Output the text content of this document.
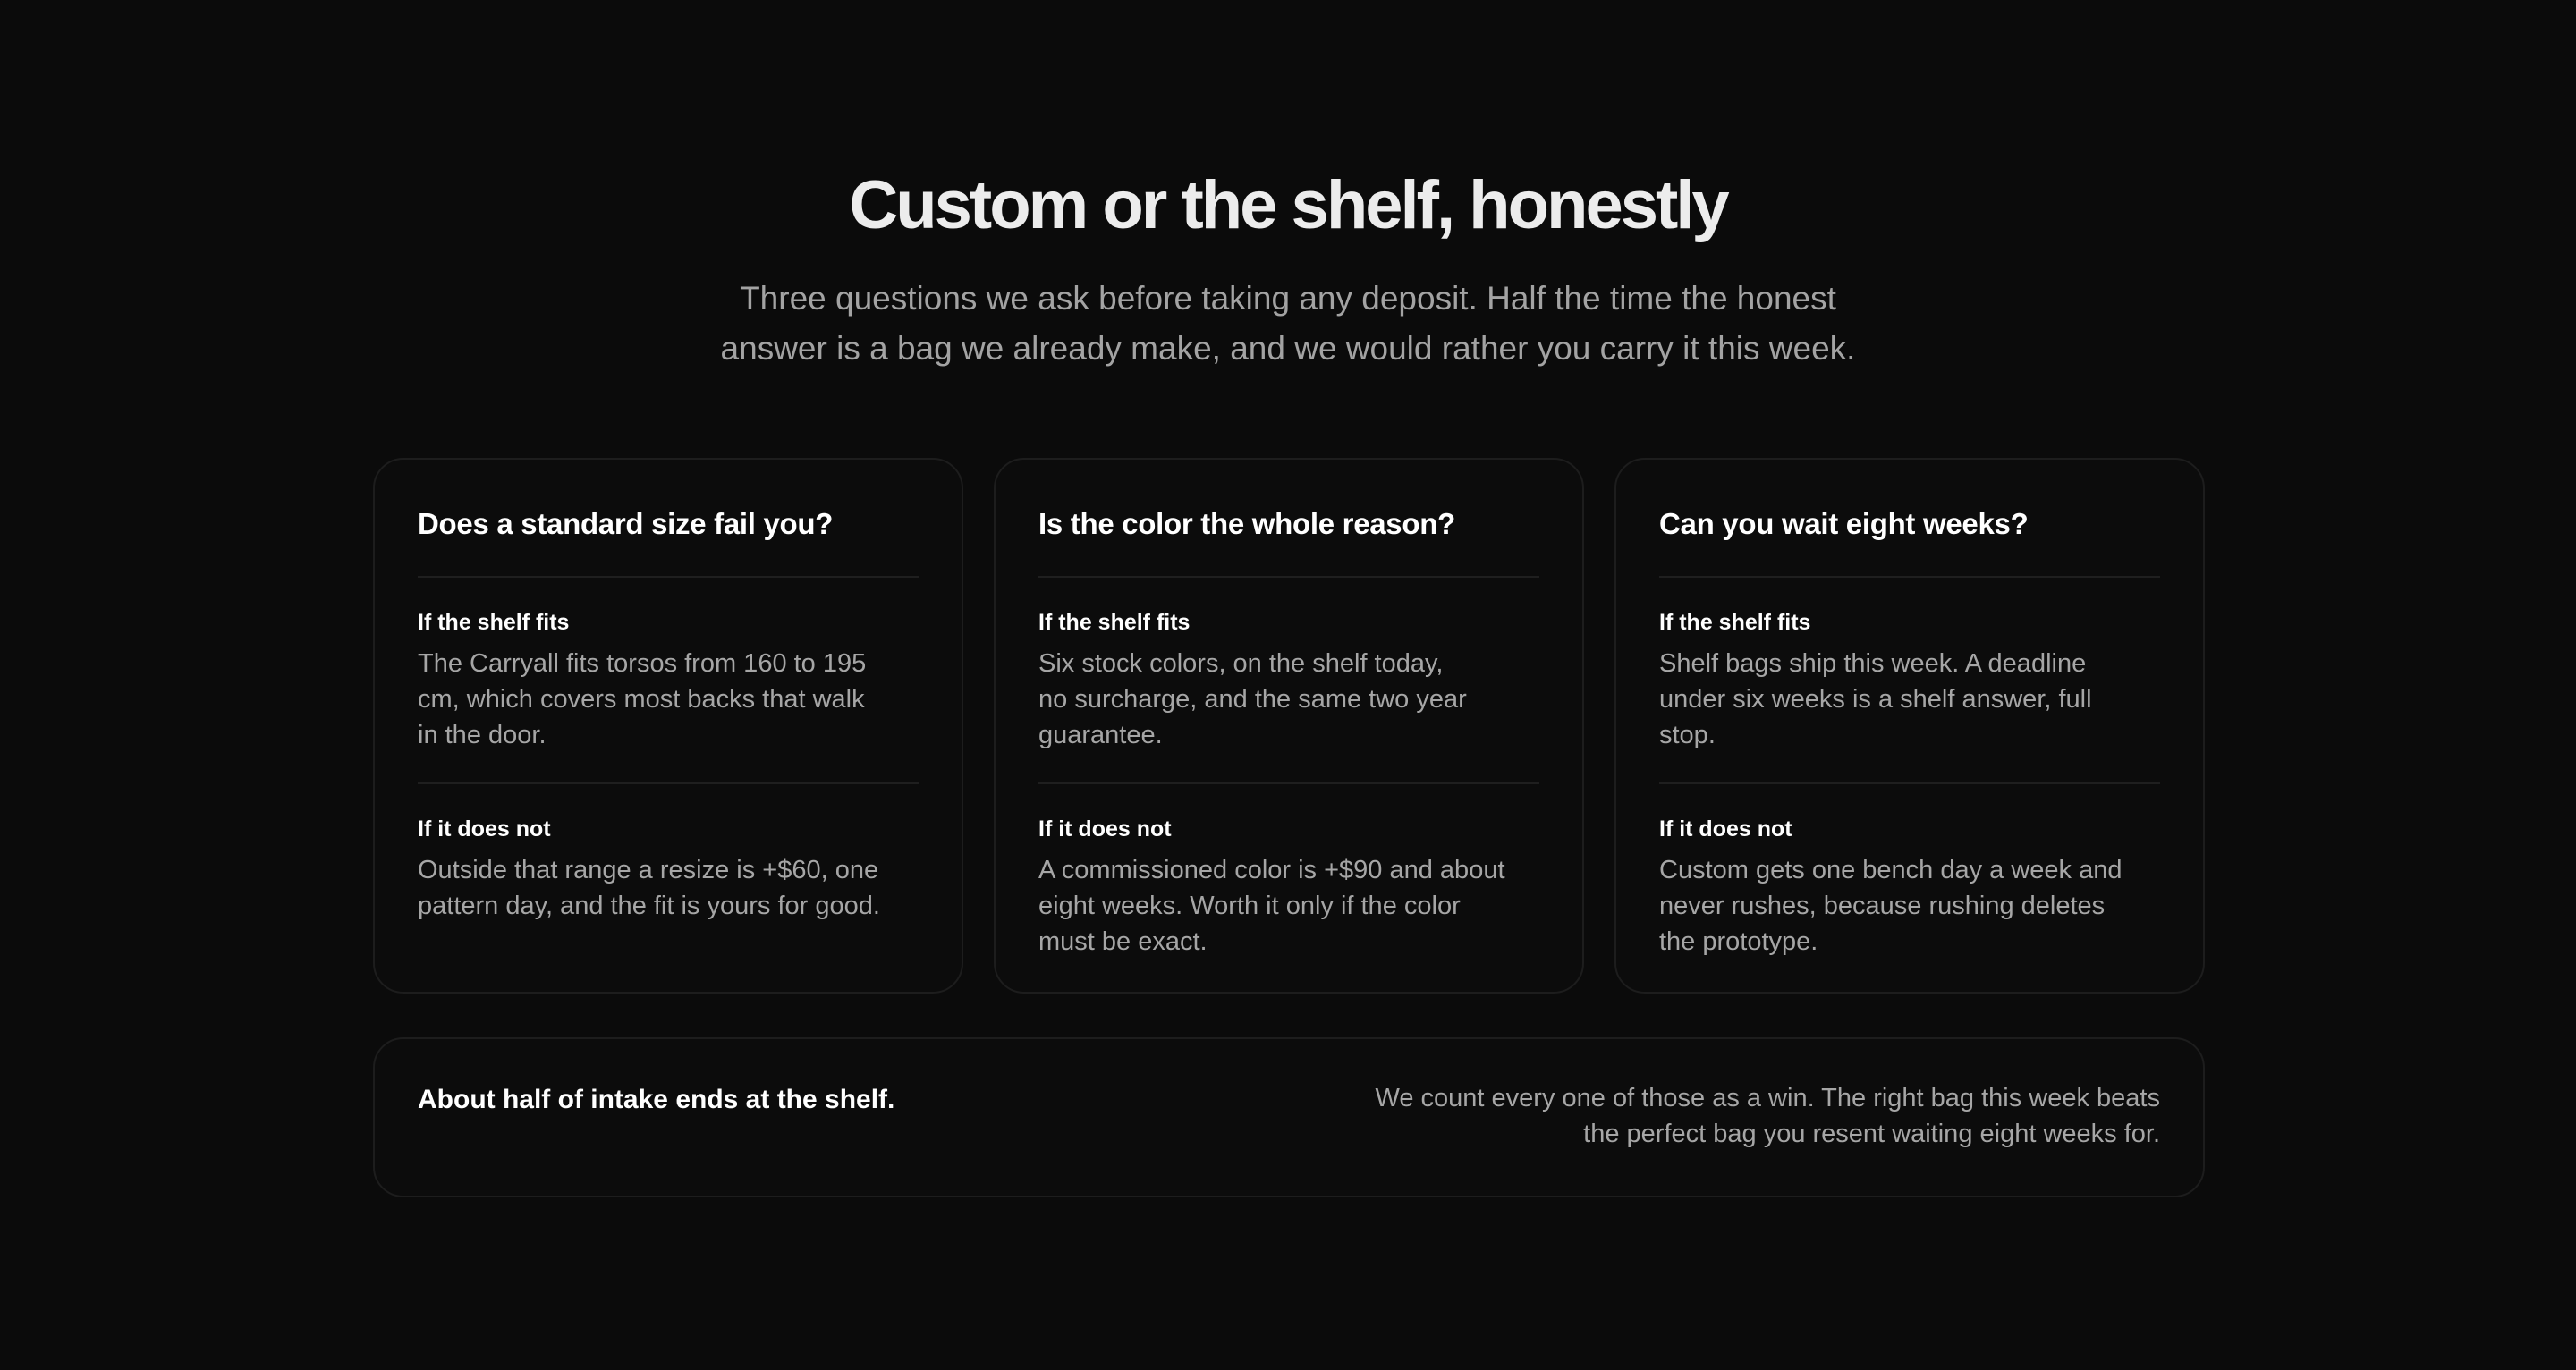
Custom or the shelf, honestly

Three questions we ask before taking any deposit. Half the time the honest answer is a bag we already make, and we would rather you carry it this week.

Does a standard size fail you?
If the shelf fits

The Carryall fits torsos from 160 to 195 cm, which covers most backs that walk in the door.

If it does not

Outside that range a resize is +$60, one pattern day, and the fit is yours for good.

Is the color the whole reason?
If the shelf fits

Six stock colors, on the shelf today, no surcharge, and the same two year guarantee.

If it does not

A commissioned color is +$90 and about eight weeks. Worth it only if the color must be exact.

Can you wait eight weeks?
If the shelf fits

Shelf bags ship this week. A deadline under six weeks is a shelf answer, full stop.

If it does not

Custom gets one bench day a week and never rushes, because rushing deletes the prototype.

About half of intake ends at the shelf.	We count every one of those as a win. The right bag this week beats the perfect bag you resent waiting eight weeks for.
